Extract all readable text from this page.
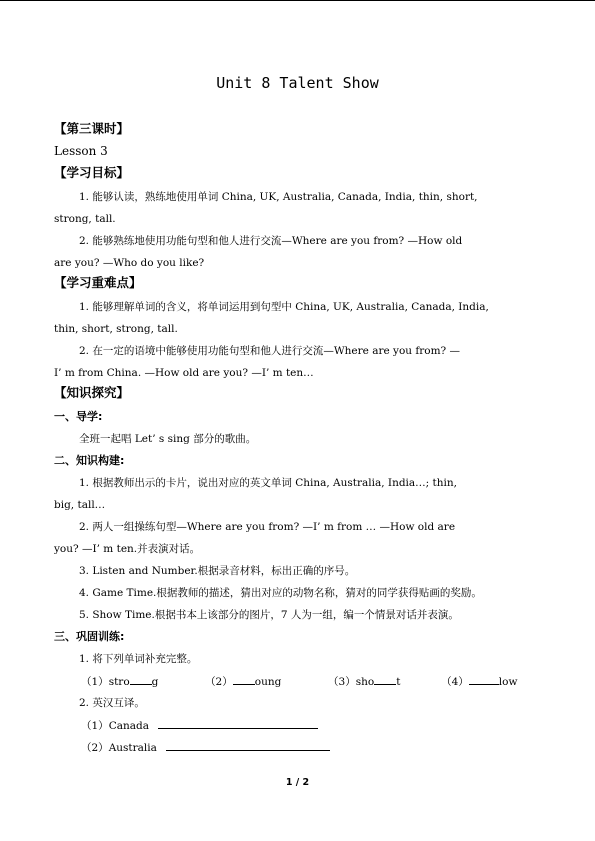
Unit 8 Talent Show
【第三课时】
Lesson 3
【学习目标】
1. 能够认读，熟练地使用单词 China, UK, Australia, Canada, India, thin, short,
strong, tall.
2. 能够熟练地使用功能句型和他人进行交流—Where are you from? —How old
are you? —Who do you like?
【学习重难点】
1. 能够理解单词的含义，将单词运用到句型中 China, UK, Australia, Canada, India,
thin, short, strong, tall.
2. 在一定的语境中能够使用功能句型和他人进行交流—Where are you from? —
I’ m from China. —How old are you? —I’ m ten…
【知识探究】
一、导学:
全班一起唱 Let’ s sing 部分的歌曲。
二、知识构建:
1. 根据教师出示的卡片，说出对应的英文单词 China, Australia, India…; thin,
big, tall…
2. 两人一组操练句型—Where are you from? —I’ m from … —How old are
you? —I’ m ten.并表演对话。
3. Listen and Number.根据录音材料，标出正确的序号。
4. Game Time.根据教师的描述，猜出对应的动物名称，猜对的同学获得贴画的奖励。
5. Show Time.根据书本上该部分的图片，7 人为一组，编一个情景对话并表演。
三、巩固训练:
1. 将下列单词补充完整。
（1）stro g	（2） oung	（3）sho t	（4）	low
2. 英汉互译。
（1）Canada
（2）Australia
1 / 2
